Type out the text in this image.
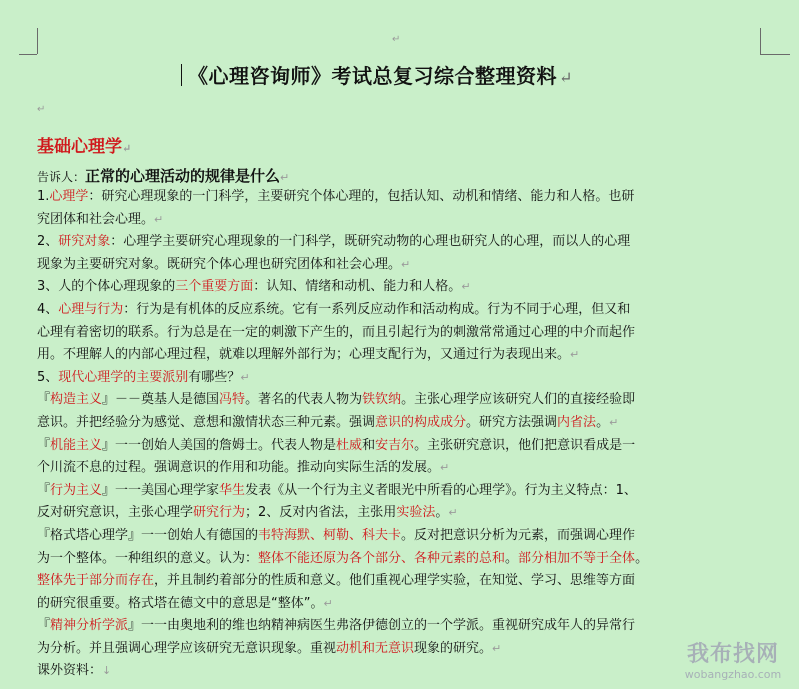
↵
《心理咨询师》考试总复习综合整理资料 ↵
↵
基础心理学↵
告诉人：正常的心理活动的规律是什么↵

1.心理学：研究心理现象的一门科学，主要研究个体心理的，包括认知、动机和情绪、能力和人格。也研

究团体和社会心理。↵

2、研究对象：心理学主要研究心理现象的一门科学，既研究动物的心理也研究人的心理，而以人的心理

现象为主要研究对象。既研究个体心理也研究团体和社会心理。↵

3、人的个体心理现象的三个重要方面：认知、情绪和动机、能力和人格。↵

4、心理与行为：行为是有机体的反应系统。它有一系列反应动作和活动构成。行为不同于心理，但又和

心理有着密切的联系。行为总是在一定的刺激下产生的，而且引起行为的刺激常常通过心理的中介而起作

用。不理解人的内部心理过程，就难以理解外部行为；心理支配行为，又通过行为表现出来。↵

5、现代心理学的主要派别有哪些？↵

『构造主义』－－奠基人是德国冯特。著名的代表人物为铁钦纳。主张心理学应该研究人们的直接经验即

意识。并把经验分为感觉、意想和激情状态三种元素。强调意识的构成成分。研究方法强调内省法。↵

『机能主义』一一创始人美国的詹姆士。代表人物是杜威和安吉尔。主张研究意识，他们把意识看成是一

个川流不息的过程。强调意识的作用和功能。推动向实际生活的发展。↵

『行为主义』一一美国心理学家华生发表《从一个行为主义者眼光中所看的心理学》。行为主义特点：1、

反对研究意识，主张心理学研究行为；2、反对内省法，主张用实验法。↵

『格式塔心理学』一一创始人有德国的韦特海默、柯勒、科夫卡。反对把意识分析为元素，而强调心理作

为一个整体。一种组织的意义。认为：整体不能还原为各个部分、各种元素的总和。部分相加不等于全体。

整体先于部分而存在，并且制约着部分的性质和意义。他们重视心理学实验，在知觉、学习、思维等方面

的研究很重要。格式塔在德文中的意思是“整体”。↵

『精神分析学派』一一由奥地利的维也纳精神病医生弗洛伊德创立的一个学派。重视研究成年人的异常行

为分析。并且强调心理学应该研究无意识现象。重视动机和无意识现象的研究。↵

课外资料：↓

我布找网
wobangzhao.com
